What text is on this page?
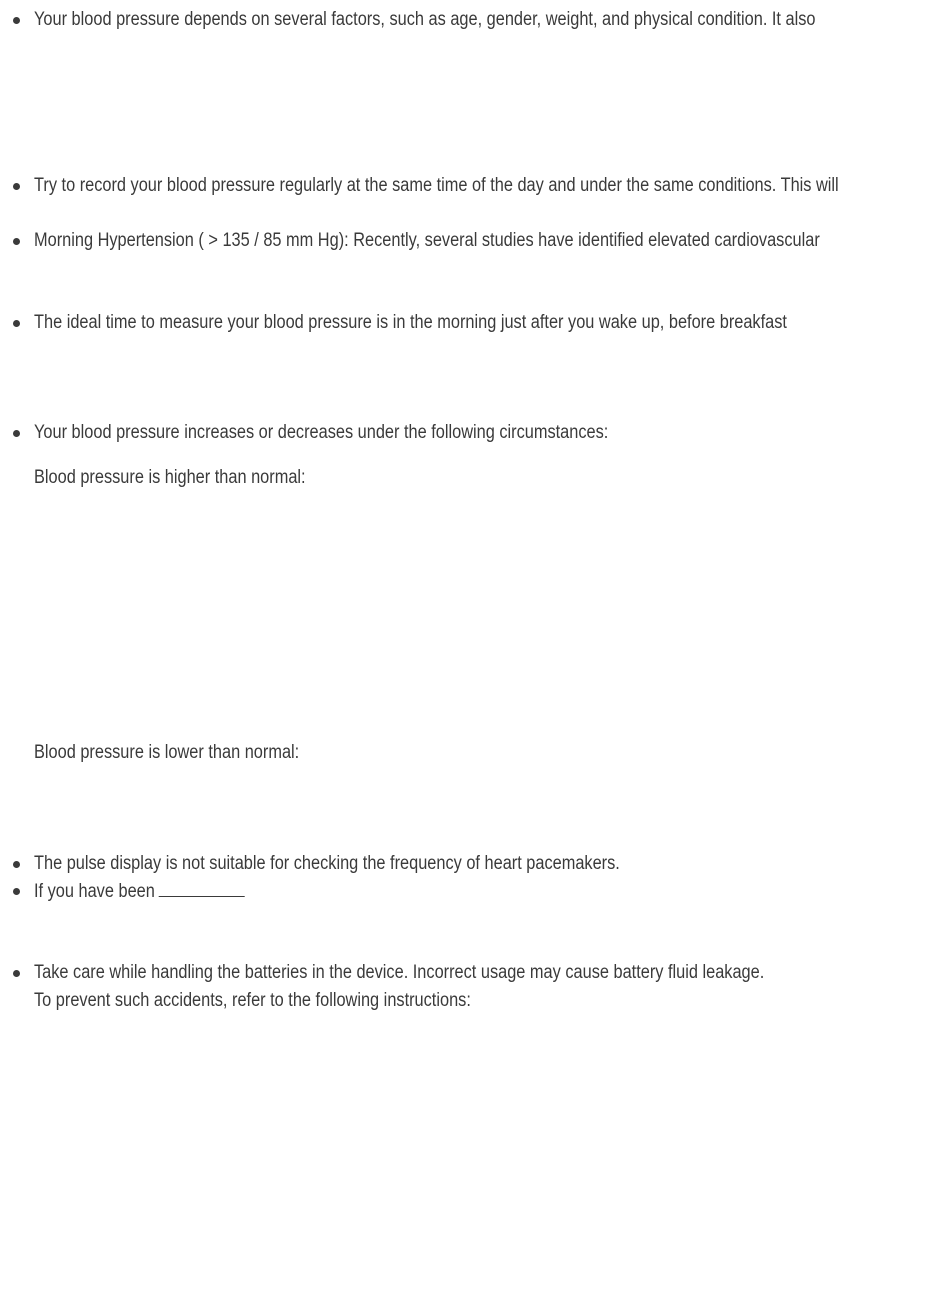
Your blood pressure depends on several factors, such as age, gender, weight, and physical condition. It also
Try to record your blood pressure regularly at the same time of the day and under the same conditions. This will
Morning Hypertension ( > 135 / 85 mm Hg): Recently, several studies have identified elevated cardiovascular
The ideal time to measure your blood pressure is in the morning just after you wake up, before breakfast
Your blood pressure increases or decreases under the following circumstances:
Blood pressure is higher than normal:
Blood pressure is lower than normal:
The pulse display is not suitable for checking the frequency of heart pacemakers.
If you have been
Take care while handling the batteries in the device. Incorrect usage may cause battery fluid leakage.
To prevent such accidents, refer to the following instructions:
